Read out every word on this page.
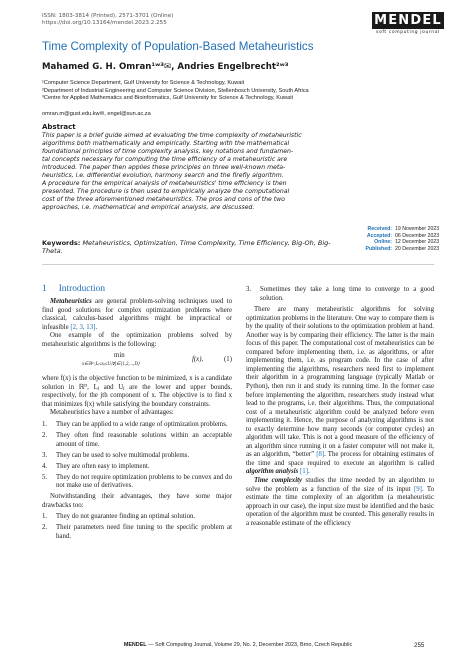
ISSN: 1803-3814 (Printed), 2571-3701 (Online)
https://doi.org/10.13164/mendel.2023.2.255	MENDEL
soft computing journal
Time Complexity of Population-Based Metaheuristics
Mahamed G. H. Omran¹ʷ³✉, Andries Engelbrecht²ʷ³
¹Computer Science Department, Gulf University for Science & Technology, Kuwait
²Department of Industrial Engineering and Computer Science Division, Stellenbosch University, South Africa
³Centre for Applied Mathematics and Bioinformatics, Gulf University for Science & Technology, Kuwait
omran.m@gust.edu.kw✉, engel@sun.ac.za
Abstract
This paper is a brief guide aimed at evaluating the time complexity of metaheuristic
algorithms both mathematically and empirically. Starting with the mathematical
foundational principles of time complexity analysis, key notations and fundamen-
tal concepts necessary for computing the time efficiency of a metaheuristic are
introduced. The paper then applies these principles on three well-known meta-
heuristics, i.e. differential evolution, harmony search and the firefly algorithm.
A procedure for the empirical analysis of metaheuristics' time efficiency is then
presented. The procedure is then used to empirically analyze the computational
cost of the three aforementioned metaheuristics. The pros and cons of the two
approaches, i.e. mathematical and empirical analysis, are discussed.
Received: 19 November 2023
Accepted: 06 December 2023
Online: 12 December 2023
Published: 20 December 2023
Keywords: Metaheuristics, Optimization, Time Complexity, Time Efficiency, Big-Oh, Big-Theta.
1 Introduction

Metaheuristics are general problem-solving techniques used to find good solutions for complex optimization problems where classical, calculus-based algorithms might be impractical or infeasible [2, 3, 13].

One example of the optimization problems solved by metaheuristic algorithms is the following:

min
x∈ℝᴰ,Lⱼ≤xⱼ≤Uⱼ∀j∈{1,2,...,D}
f(x),	(1)

where f(x) is the objective function to be minimized, x is a candidate solution in ℝᴰ, Lⱼ and Uⱼ are the lower and upper bounds, respectively, for the jth component of x. The objective is to find x that minimizes f(x) while satisfying the boundary constraints.

Metaheuristics have a number of advantages:

1. They can be applied to a wide range of optimization problems.
2. They often find reasonable solutions within an acceptable amount of time.
3. They can be used to solve multimodal problems.
4. They are often easy to implement.
5. They do not require optimization problems to be convex and do not make use of derivatives.

Notwithstanding their advantages, they have some major drawbacks too:

1. They do not guarantee finding an optimal solution.
2. Their parameters need fine tuning to the specific problem at hand.
3. Sometimes they take a long time to converge to a good solution.

There are many metaheuristic algorithms for solving optimization problems in the literature. One way to compare them is by the quality of their solutions to the optimization problem at hand. Another way is by comparing their efficiency. The latter is the main focus of this paper. The computational cost of metaheuristics can be compared before implementing them, i.e. as algorithms, or after implementing them, i.e. as program code. In the case of after implementing the algorithms, researchers need first to implement their algorithm in a programming language (typically Matlab or Python), then run it and study its running time. In the former case before implementing the algorithm, researchers study instead what lead to the programs, i.e. their algorithms. Thus, the computational cost of a metaheuristic algorithm could be analyzed before even implementing it. Hence, the purpose of analyzing algorithms is not to exactly determine how many seconds (or computer cycles) an algorithm will take. This is not a good measure of the efficiency of an algorithm since running it on a faster computer will not make it, as an algorithm, “better” [8]. The process for obtaining estimates of the time and space required to execute an algorithm is called algorithm analysis [1].

Time complexity studies the time needed by an algorithm to solve the problem as a function of the size of its input [9]. To estimate the time complexity of an algorithm (a metaheuristic approach in our case), the input size must be identified and the basic operation of the algorithm must be counted. This generally results in a reasonable estimate of the efficiency

MENDEL — Soft Computing Journal, Volume 29, No. 2, December 2023, Brno, Czech Republic	255
